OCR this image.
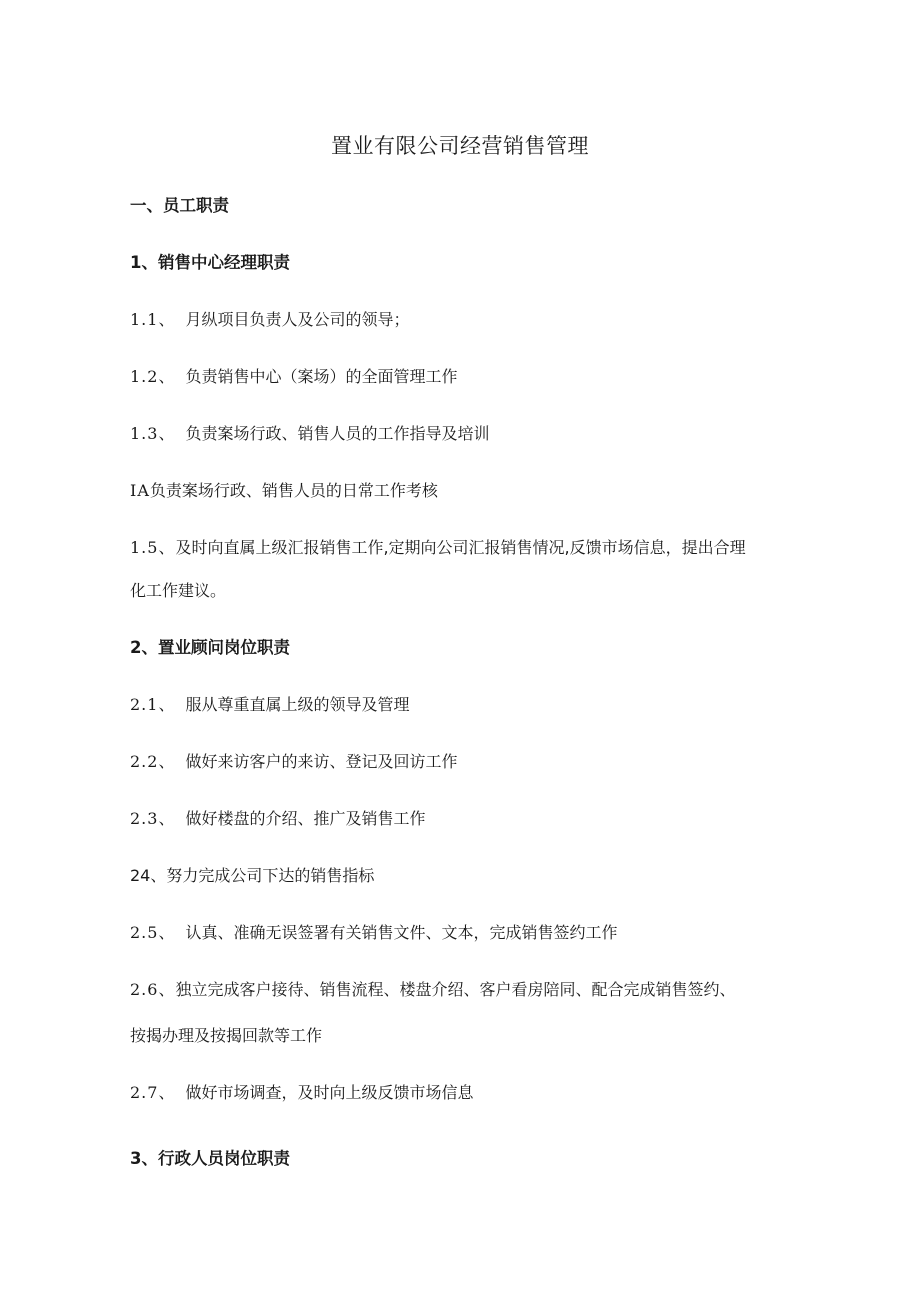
置业有限公司经营销售管理
一、员工职责
1、销售中心经理职责
1.1、 月纵项目负责人及公司的领导；
1.2、 负责销售中心（案场）的全面管理工作
1.3、 负责案场行政、销售人员的工作指导及培训
IA负责案场行政、销售人员的日常工作考核
1.5、及时向直属上级汇报销售工作,定期向公司汇报销售情况,反馈市场信息，提出合理
化工作建议。
2、置业顾问岗位职责
2.1、 服从尊重直属上级的领导及管理
2.2、 做好来访客户的来访、登记及回访工作
2.3、 做好楼盘的介绍、推广及销售工作
24、努力完成公司下达的销售指标
2.5、 认真、准确无误签署有关销售文件、文本，完成销售签约工作
2.6、独立完成客户接待、销售流程、楼盘介绍、客户看房陪同、配合完成销售签约、
按揭办理及按揭回款等工作
2.7、 做好市场调查，及时向上级反馈市场信息
3、行政人员岗位职责
